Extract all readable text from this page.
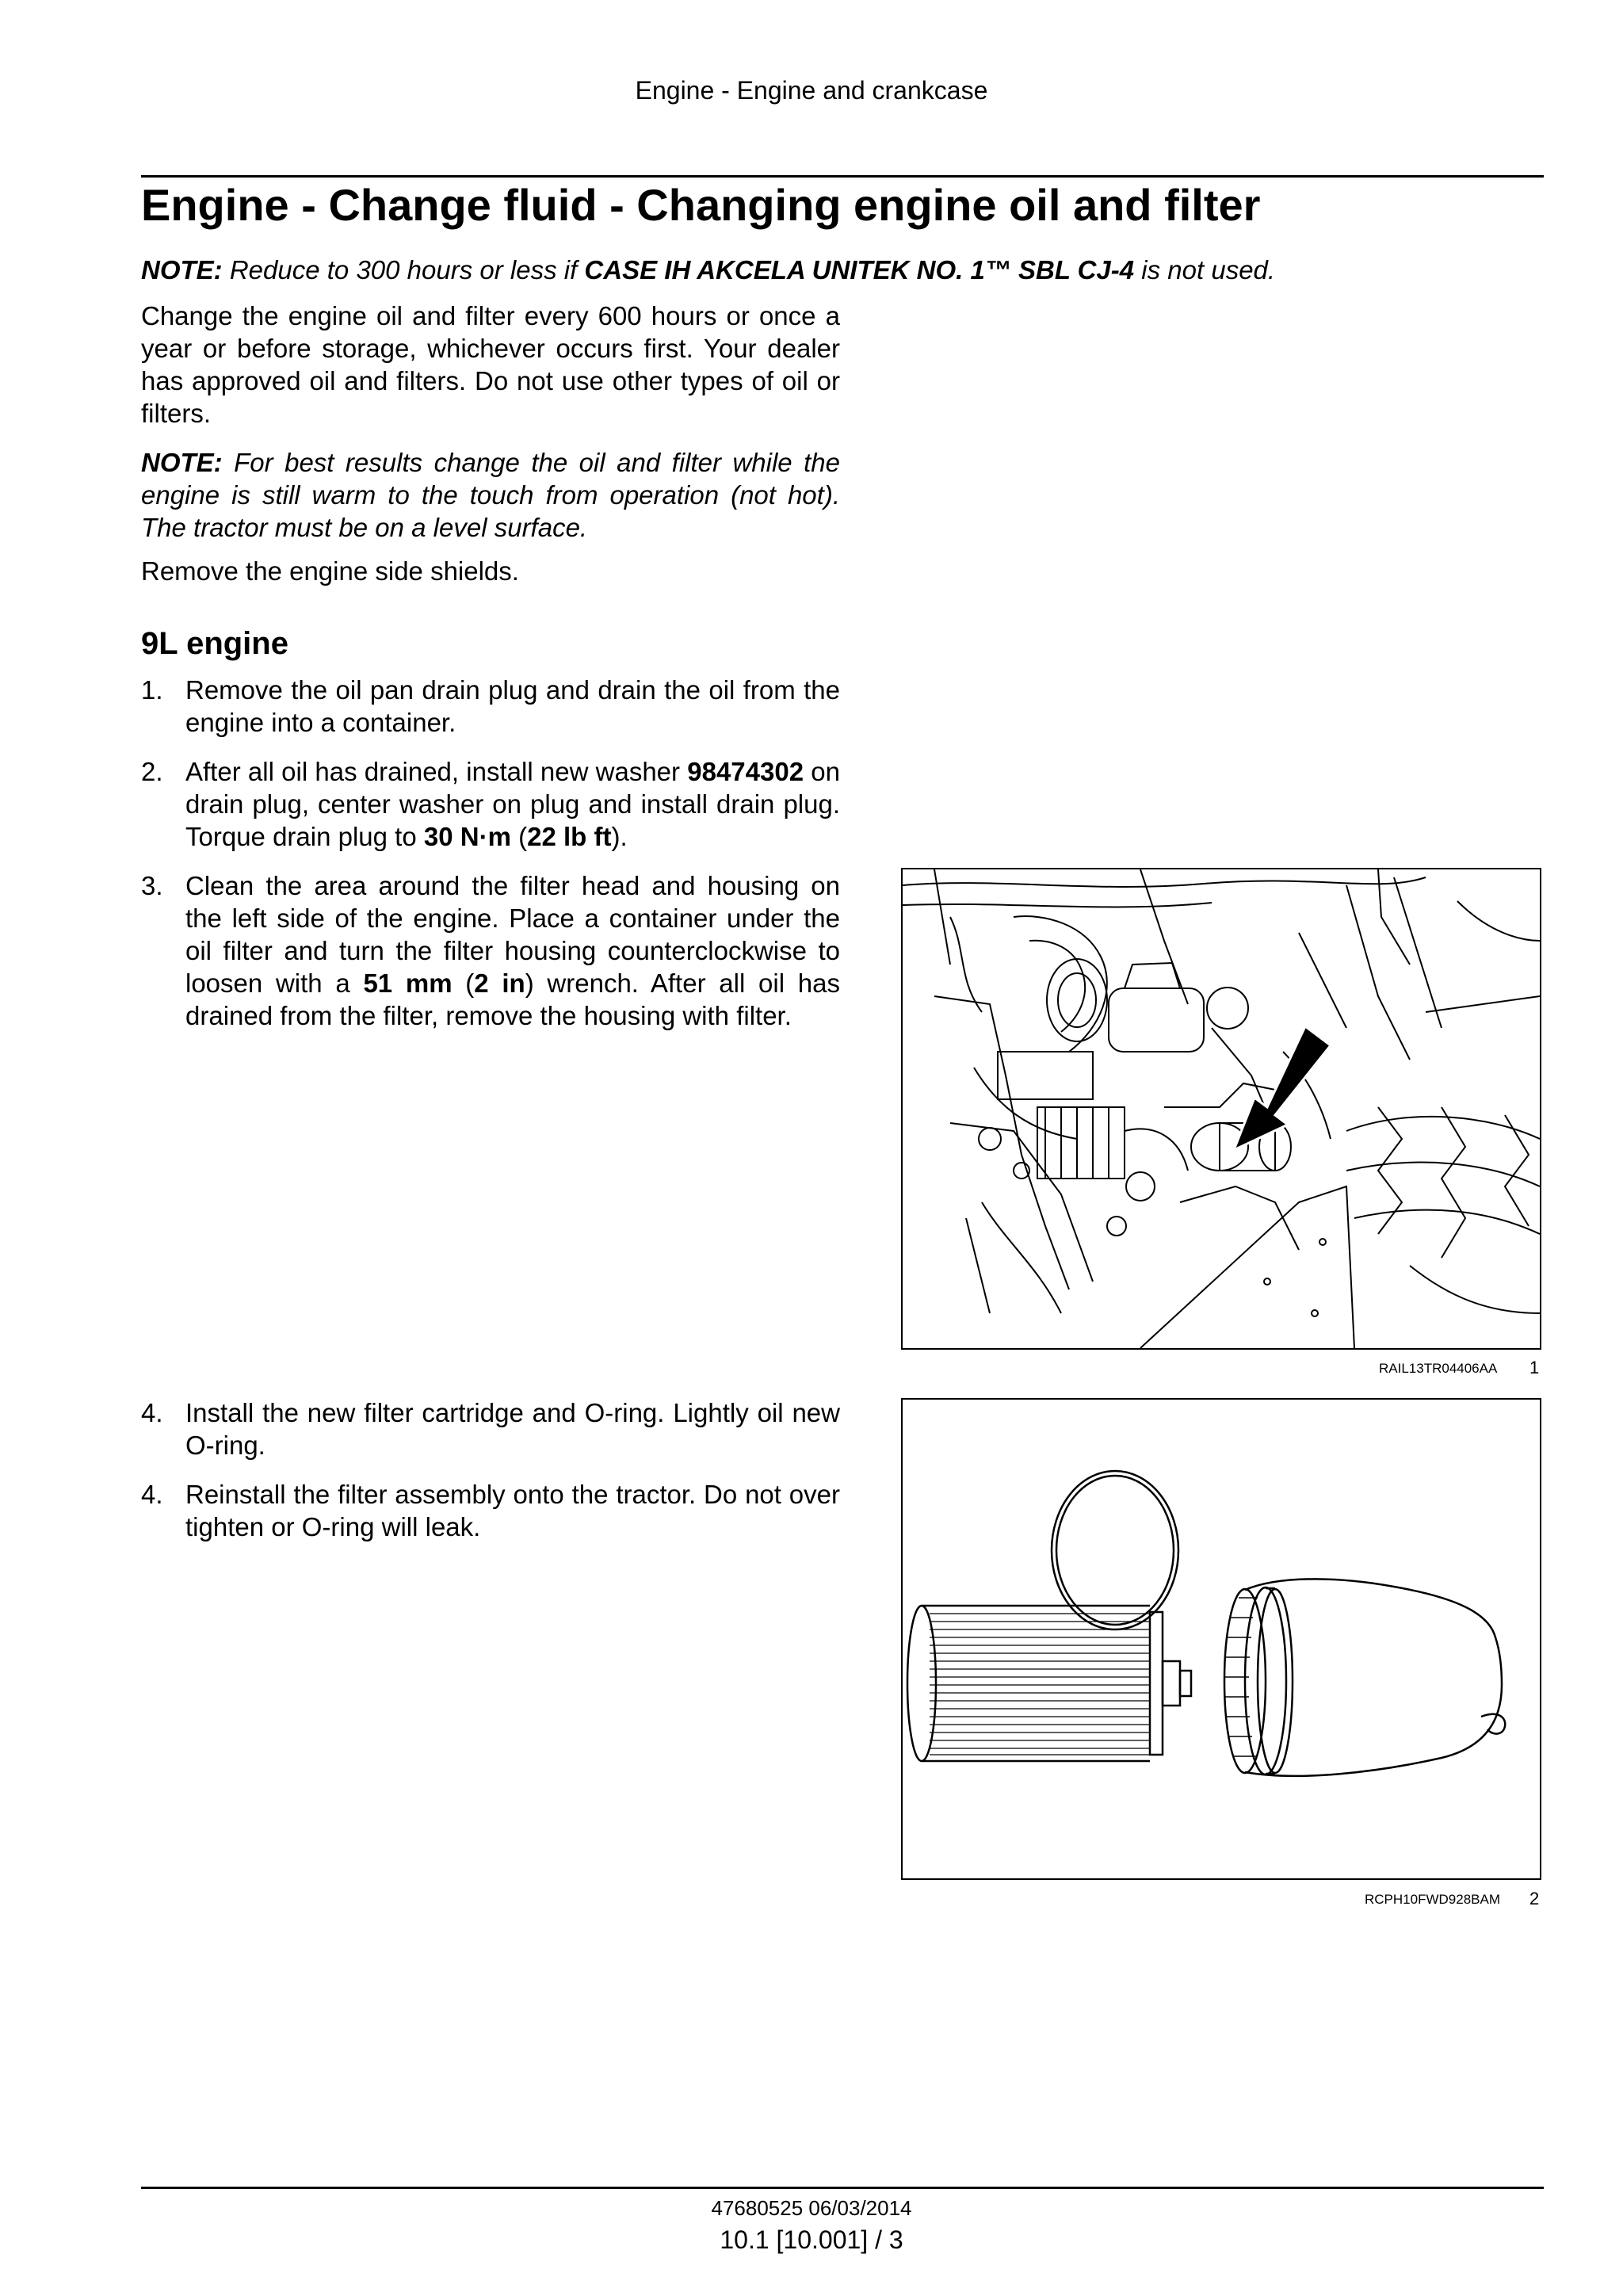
Engine - Engine and crankcase
Engine - Change fluid - Changing engine oil and filter
NOTE: Reduce to 300 hours or less if CASE IH AKCELA UNITEK NO. 1™ SBL CJ-4 is not used.
Change the engine oil and filter every 600 hours or once a year or before storage, whichever occurs first. Your dealer has approved oil and filters. Do not use other types of oil or filters.
NOTE: For best results change the oil and filter while the engine is still warm to the touch from operation (not hot). The tractor must be on a level surface.
Remove the engine side shields.
9L engine
1. Remove the oil pan drain plug and drain the oil from the engine into a container.
2. After all oil has drained, install new washer 98474302 on drain plug, center washer on plug and install drain plug. Torque drain plug to 30 N·m (22 lb ft).
3. Clean the area around the filter head and housing on the left side of the engine. Place a container under the oil filter and turn the filter housing counterclockwise to loosen with a 51 mm (2 in) wrench. After all oil has drained from the filter, remove the housing with filter.
4. Install the new filter cartridge and O-ring. Lightly oil new O-ring.
4. Reinstall the filter assembly onto the tractor. Do not over tighten or O-ring will leak.
RAIL13TR04406AA 1
RCPH10FWD928BAM 2
47680525 06/03/2014
10.1 [10.001] / 3
